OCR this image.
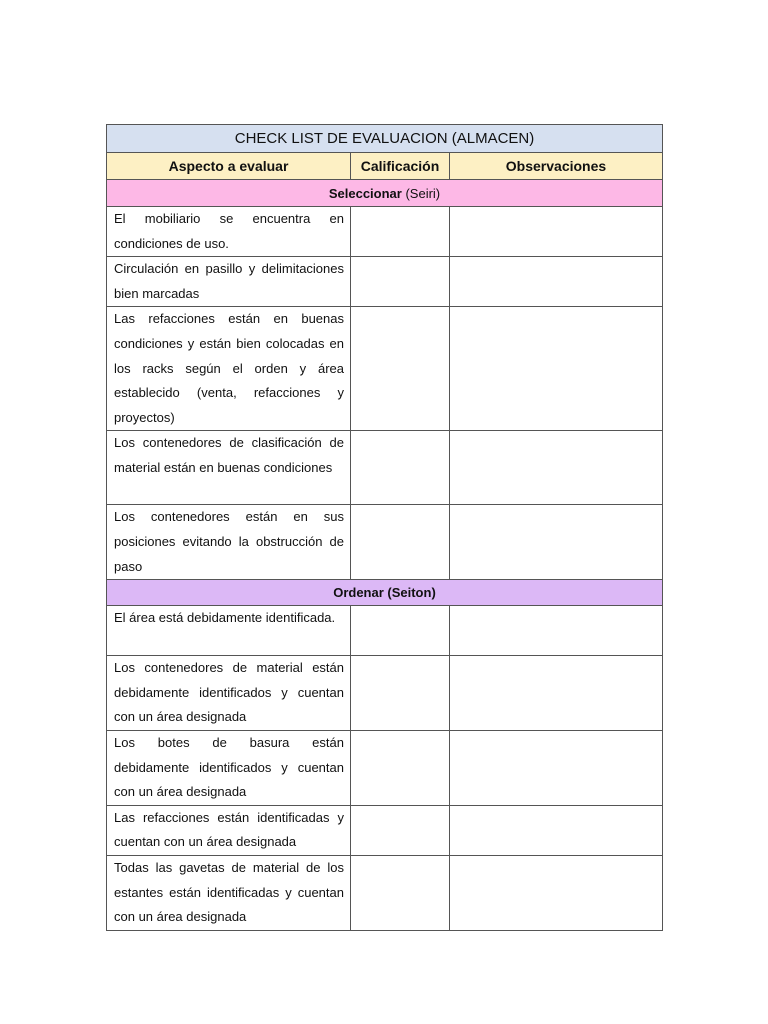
CHECK LIST DE EVALUACION (ALMACEN)		
Aspecto a evaluar	Calificación	Observaciones
Seleccionar (Seiri)		
El mobiliario se encuentra en condiciones de uso.		
Circulación en pasillo y delimitaciones bien marcadas		
Las refacciones están en buenas condiciones y están bien colocadas en los racks según el orden y área establecido (venta, refacciones y proyectos)		
Los contenedores de clasificación de material están en buenas condiciones		
Los contenedores están en sus posiciones evitando la obstrucción de paso		
Ordenar (Seiton)		
El área está debidamente identificada.		
Los contenedores de material están debidamente identificados y cuentan con un área designada		
Los botes de basura están debidamente identificados y cuentan con un área designada		
Las refacciones están identificadas y cuentan con un área designada		
Todas las gavetas de material de los estantes están identificadas y cuentan con un área designada		
